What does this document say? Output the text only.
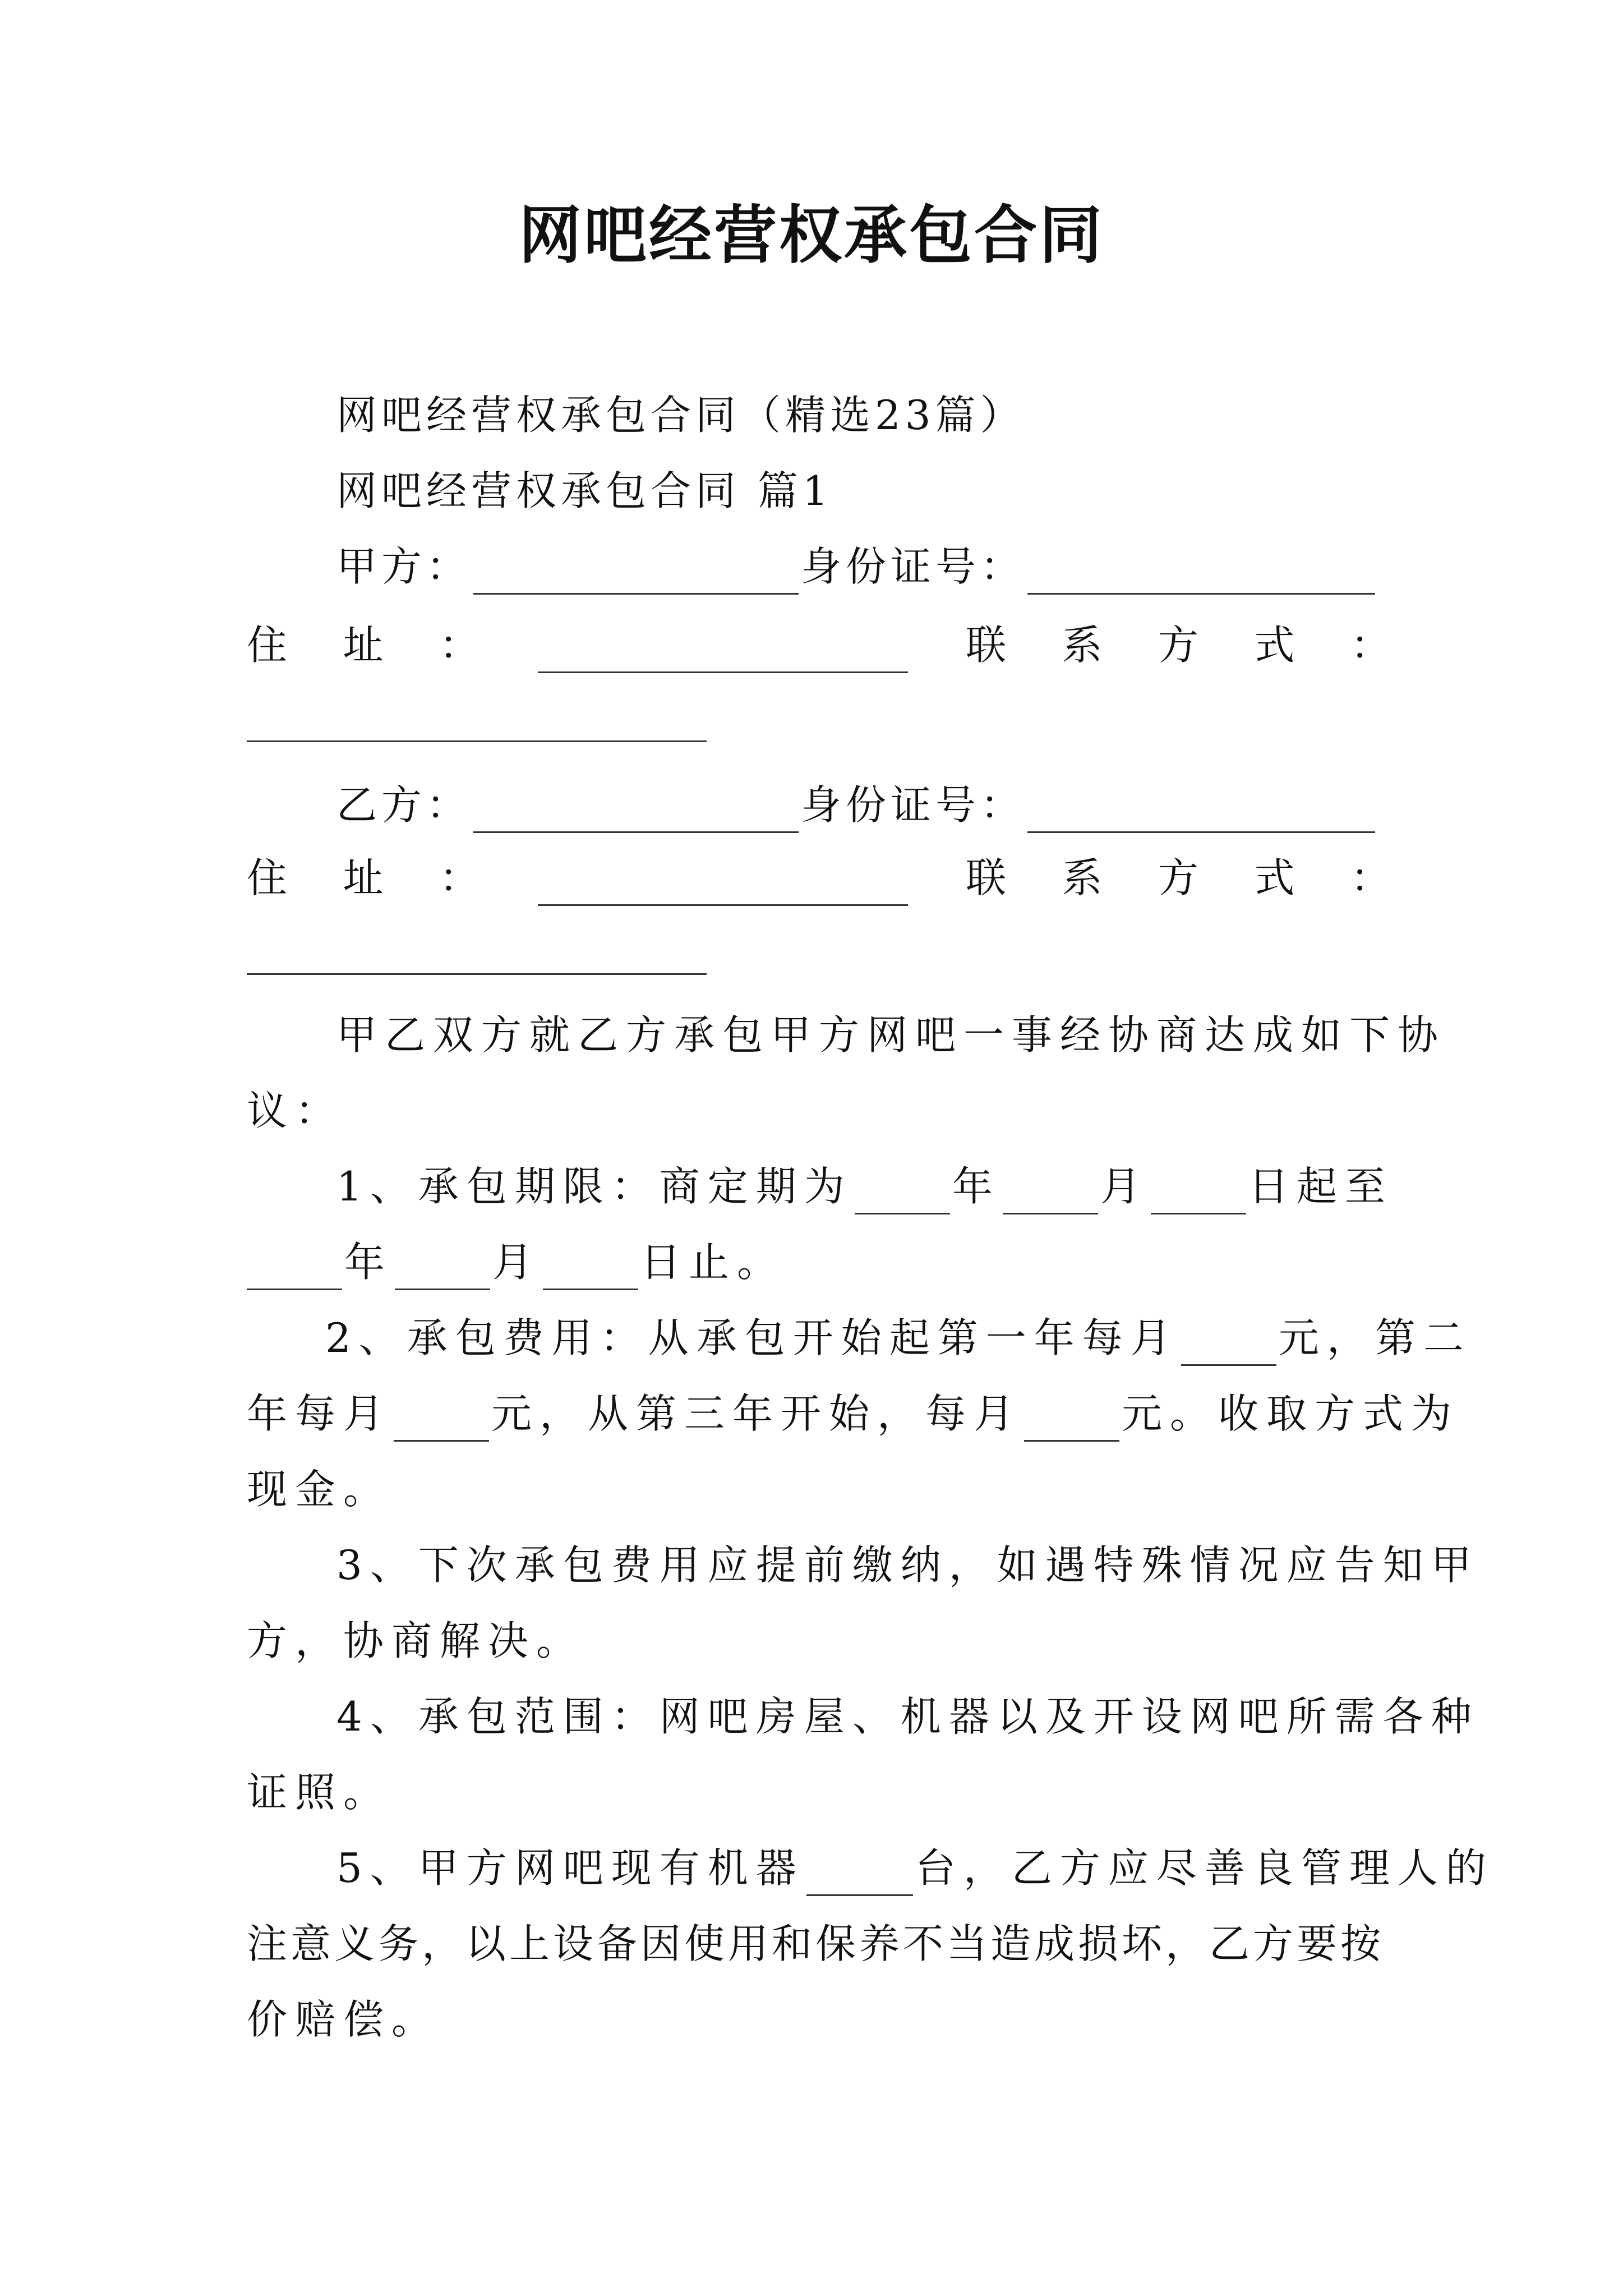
网吧经营权承包合同
网吧经营权承包合同（精选23篇）
网吧经营权承包合同 篇1
甲方：	身份证号：
住 址 ：	联 系 方 式 ：
乙方：	身份证号：
住 址 ：	联 系 方 式 ：
甲乙双方就乙方承包甲方网吧一事经协商达成如下协
议：
1、承包期限：商定期为 年 月 日起至
年 月 日止。
2、承包费用：从承包开始起第一年每月 元，第二
年每月 元，从第三年开始，每月 元。收取方式为
现金。
3、下次承包费用应提前缴纳，如遇特殊情况应告知甲
方，协商解决。
4、承包范围：网吧房屋、机器以及开设网吧所需各种
证照。
5、甲方网吧现有机器	台，乙方应尽善良管理人的
注意义务，以上设备因使用和保养不当造成损坏，乙方要按
价赔偿。
